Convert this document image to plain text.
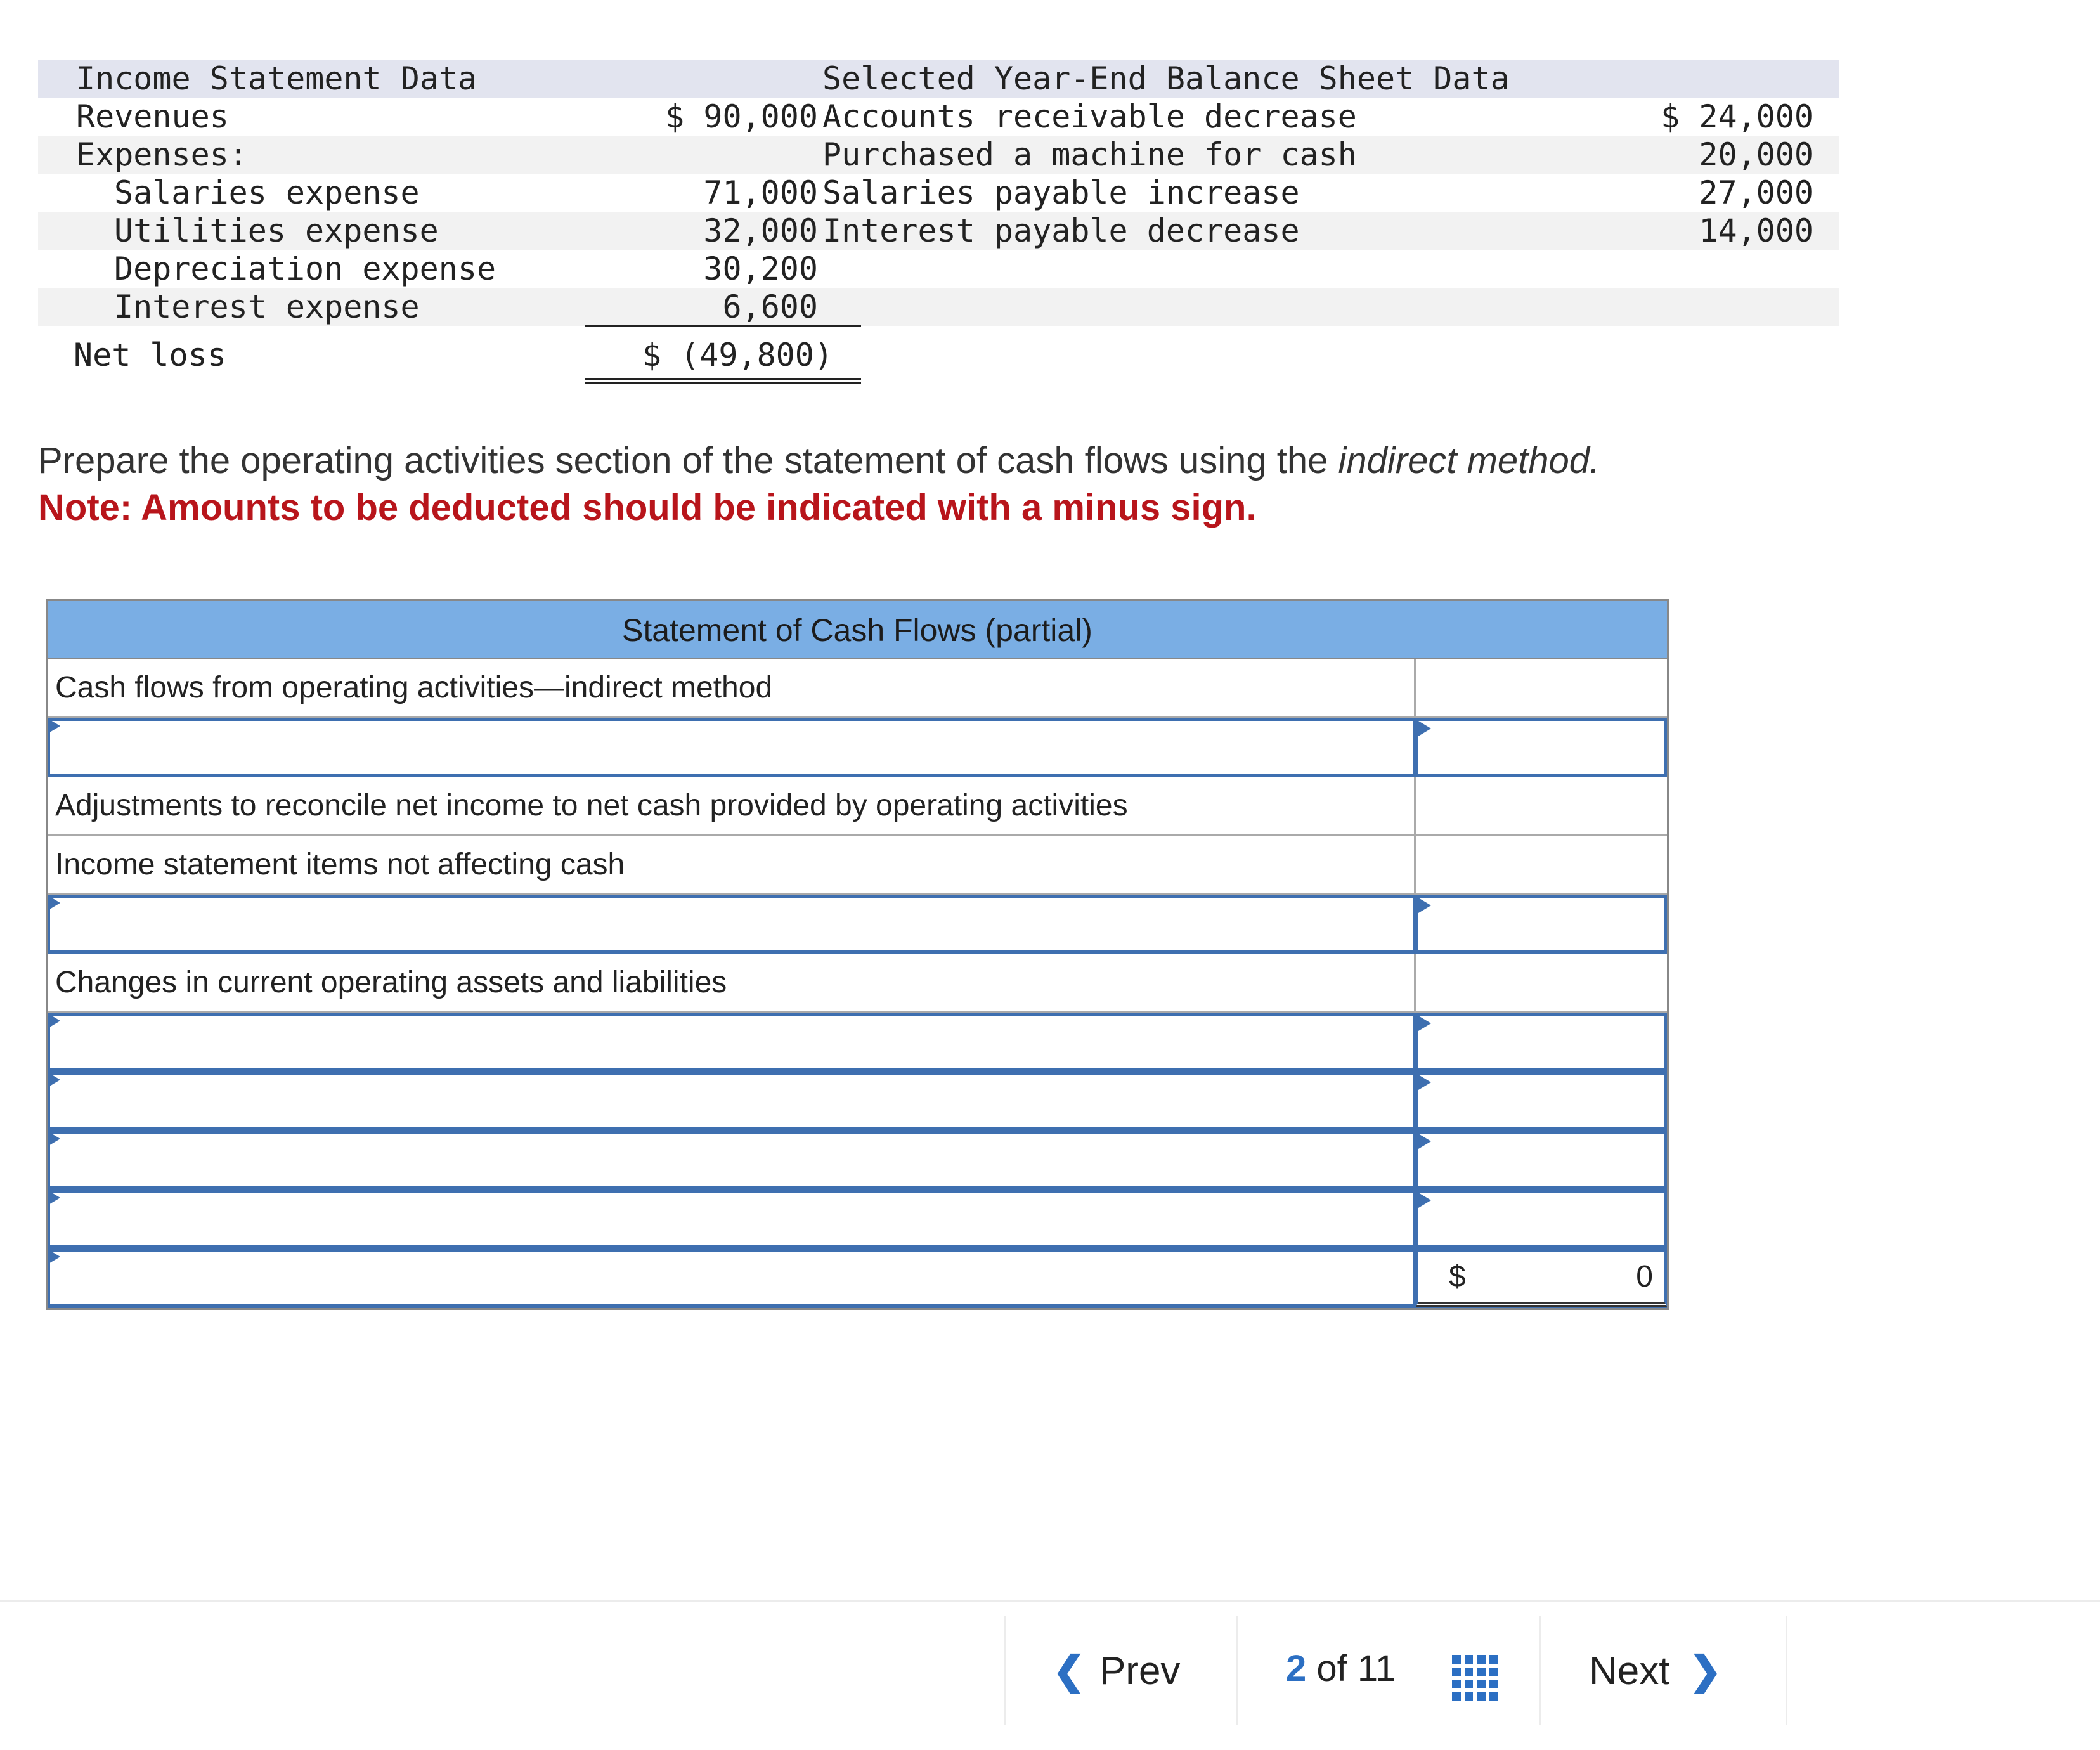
Income Statement Data	Selected Year-End Balance Sheet Data
Revenues	$ 90,000 Accounts receivable decrease	$ 24,000
Expenses:	Purchased a machine for cash	20,000
Salaries expense	71,000 Salaries payable increase	27,000
Utilities expense	32,000 Interest payable decrease	14,000
Depreciation expense	30,200
Interest expense	6,600
Net loss	$ (49,800)
Prepare the operating activities section of the statement of cash flows using the indirect method.
Note: Amounts to be deducted should be indicated with a minus sign.
Statement of Cash Flows (partial)
Cash flows from operating activities—indirect method
Adjustments to reconcile net income to net cash provided by operating activities
Income statement items not affecting cash
Changes in current operating assets and liabilities
$	0
❮ Prev	2 of 11	Next ❯
